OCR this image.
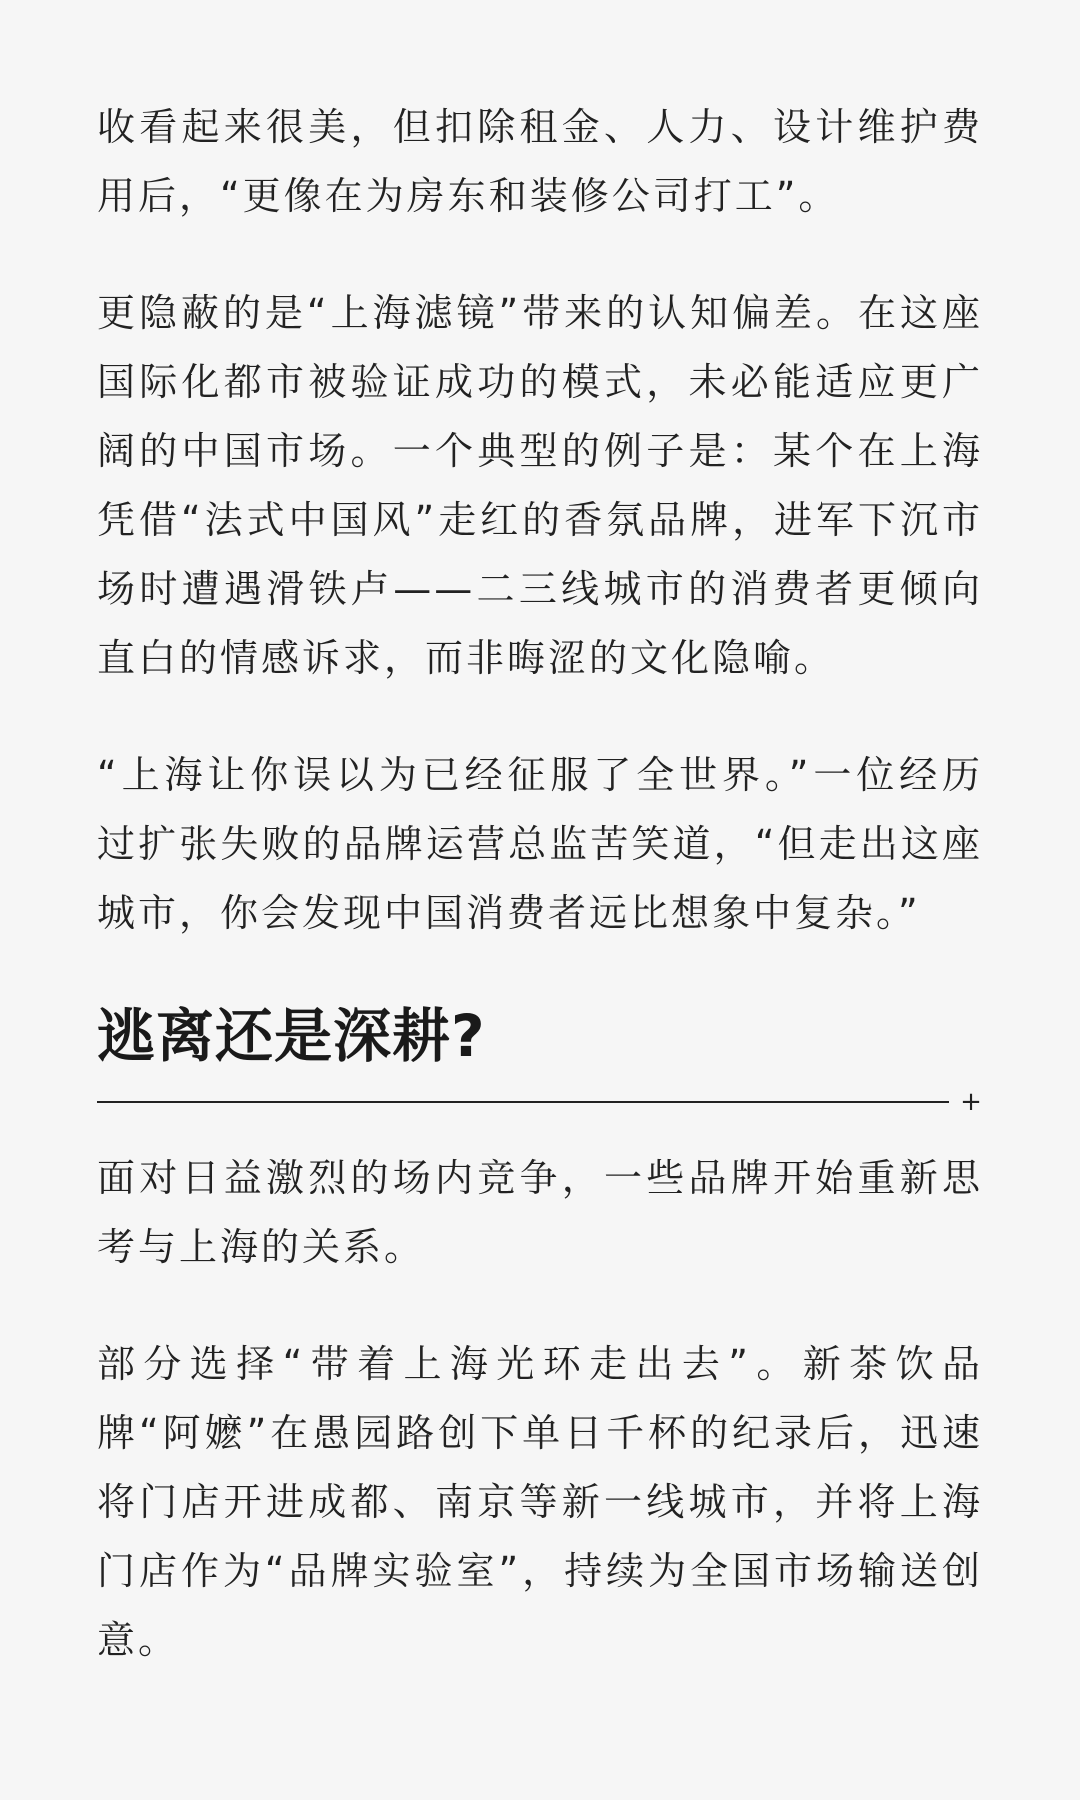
收看起来很美，但扣除租金、人力、设计维护费用后，“更像在为房东和装修公司打工”。

更隐蔽的是“上海滤镜”带来的认知偏差。在这座国际化都市被验证成功的模式，未必能适应更广阔的中国市场。一个典型的例子是：某个在上海凭借“法式中国风”走红的香氛品牌，进军下沉市场时遭遇滑铁卢——二三线城市的消费者更倾向直白的情感诉求，而非晦涩的文化隐喻。

“上海让你误以为已经征服了全世界。”一位经历过扩张失败的品牌运营总监苦笑道，“但走出这座城市，你会发现中国消费者远比想象中复杂。”

逃离还是深耕?
+

面对日益激烈的场内竞争，一些品牌开始重新思考与上海的关系。

部分选择“带着上海光环走出去”。新茶饮品牌“阿嬷”在愚园路创下单日千杯的纪录后，迅速将门店开进成都、南京等新一线城市，并将上海门店作为“品牌实验室”，持续为全国市场输送创意。
